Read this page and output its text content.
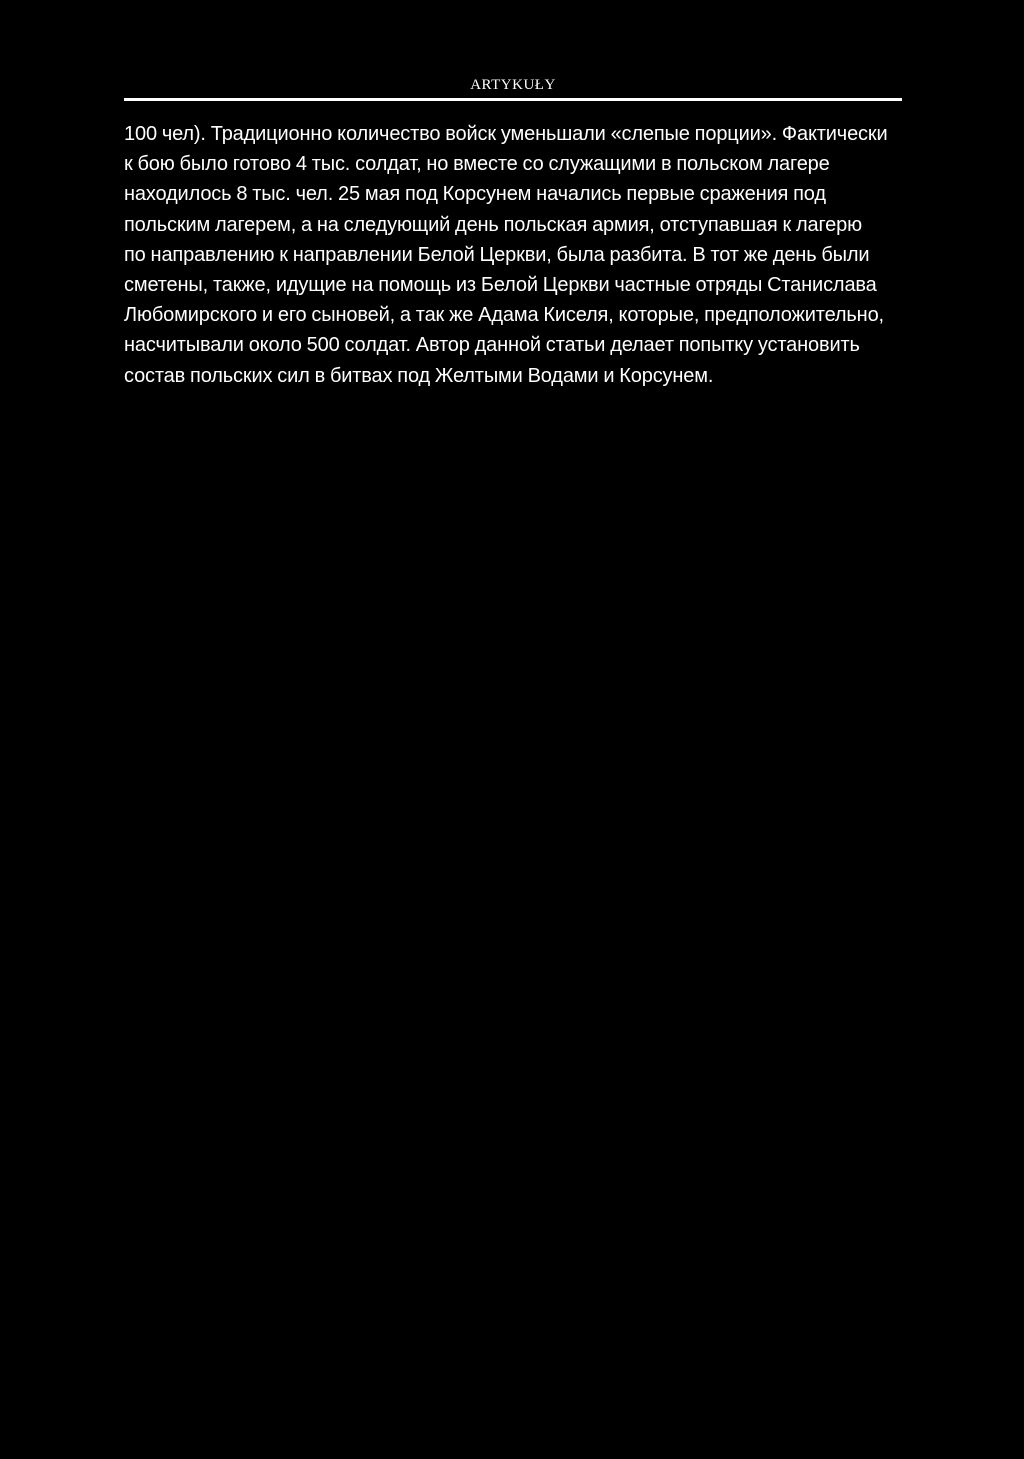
ARTYKUŁY
100 чел). Традиционно количество войск уменьшали «слепые порции». Фактически
к бою было готово 4 тыс. солдат, но вместе со служащими в польском лагере
находилось 8 тыс. чел. 25 мая под Корсунем начались первые сражения под
польским лагерем, а на следующий день польская армия, отступавшая к лагерю
по направлению к направлении Белой Церкви, была разбита. В тот же день были
сметены, также, идущие на помощь из Белой Церкви частные отряды Станислава
Любомирского и его сыновей, а так же Адама Киселя, которые, предположительно,
насчитывали около 500 солдат. Автор данной статьи делает попытку установить
состав польских сил в битвах под Желтыми Водами и Корсунем.
